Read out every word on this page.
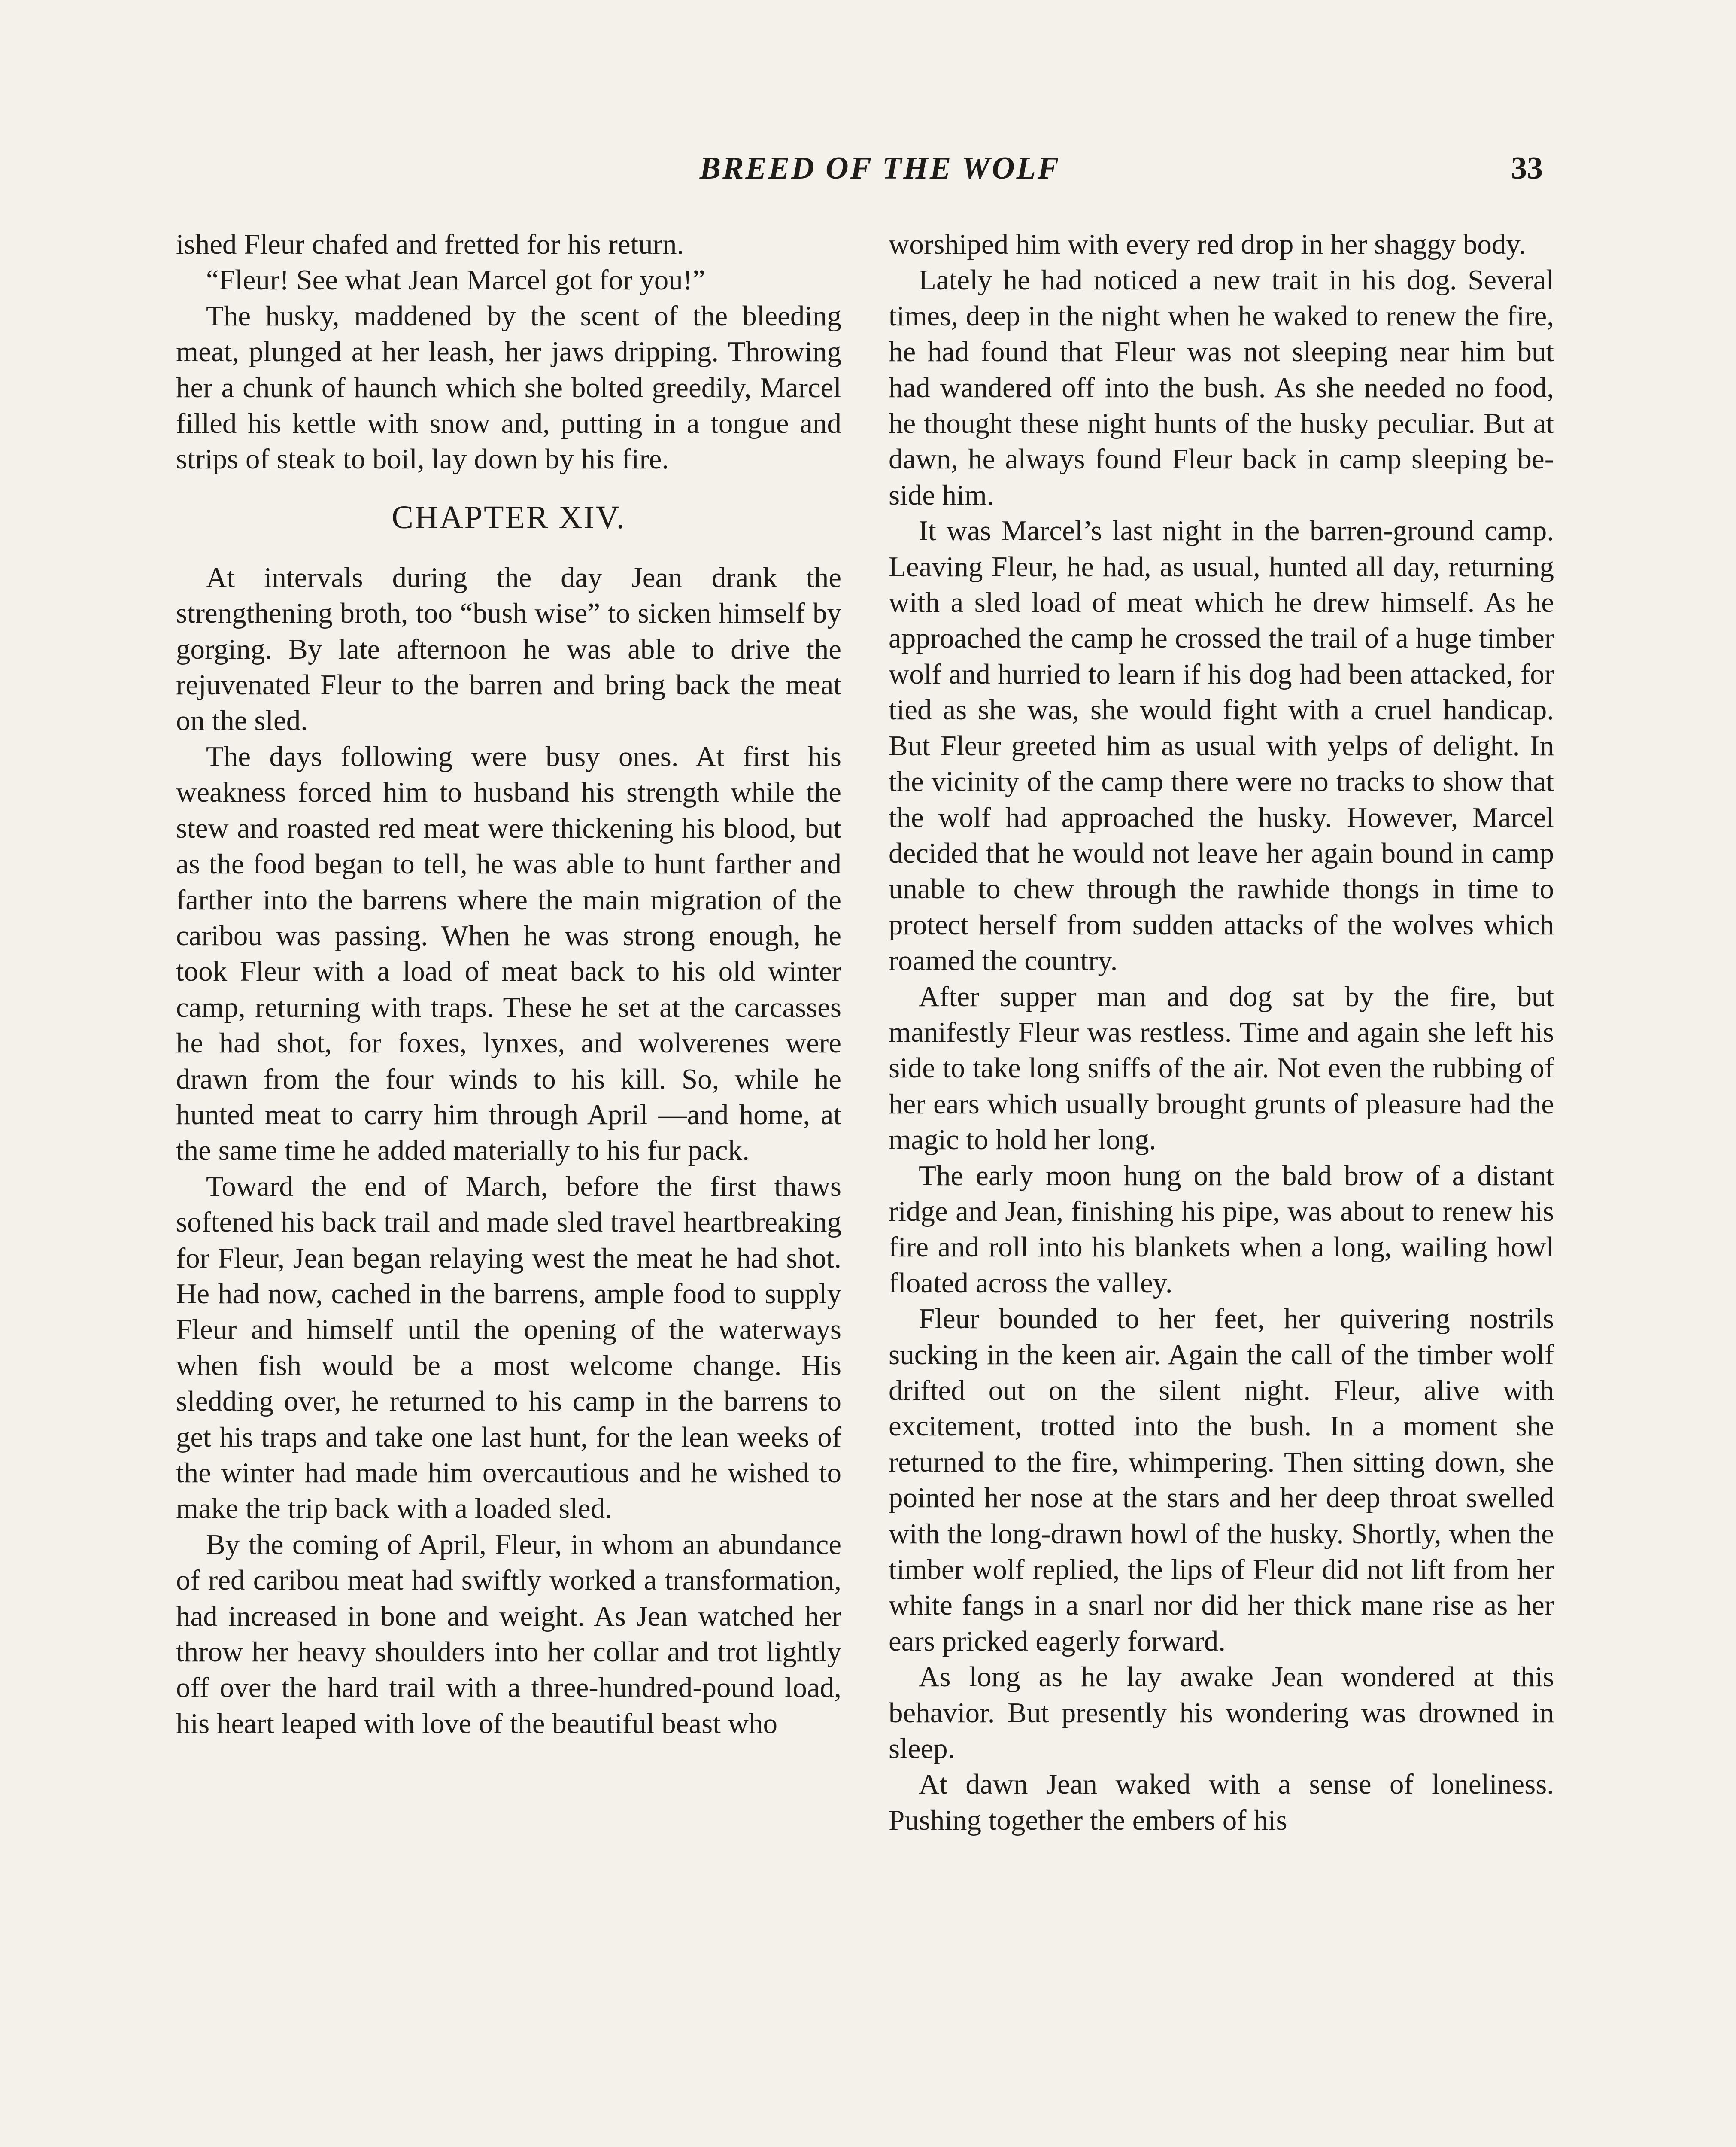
BREED OF THE WOLF	33

ished Fleur chafed and fretted for his return.

“Fleur! See what Jean Marcel got for you!”

The husky, maddened by the scent of the bleeding meat, plunged at her leash, her jaws dripping. Throwing her a chunk of haunch which she bolted greedily, Marcel filled his kettle with snow and, putting in a tongue and strips of steak to boil, lay down by his fire.

CHAPTER XIV.

At intervals during the day Jean drank the strengthening broth, too “bush wise” to sicken himself by gorging. By late afternoon he was able to drive the rejuvenated Fleur to the barren and bring back the meat on the sled.

The days following were busy ones. At first his weakness forced him to husband his strength while the stew and roasted red meat were thickening his blood, but as the food began to tell, he was able to hunt farther and farther into the barrens where the main migration of the caribou was passing. When he was strong enough, he took Fleur with a load of meat back to his old winter camp, returning with traps. These he set at the carcasses he had shot, for foxes, lynxes, and wolverenes were drawn from the four winds to his kill. So, while he hunted meat to carry him through April —and home, at the same time he added materially to his fur pack.

Toward the end of March, before the first thaws softened his back trail and made sled travel heartbreaking for Fleur, Jean began relaying west the meat he had shot. He had now, cached in the barrens, ample food to supply Fleur and himself until the opening of the waterways when fish would be a most welcome change. His sledding over, he returned to his camp in the barrens to get his traps and take one last hunt, for the lean weeks of the winter had made him overcautious and he wished to make the trip back with a loaded sled.

By the coming of April, Fleur, in whom an abundance of red caribou meat had swiftly worked a transformation, had increased in bone and weight. As Jean watched her throw her heavy shoulders into her collar and trot lightly off over the hard trail with a three-hundred-pound load, his heart leaped with love of the beautiful beast who

worshiped him with every red drop in her shaggy body.

Lately he had noticed a new trait in his dog. Several times, deep in the night when he waked to renew the fire, he had found that Fleur was not sleeping near him but had wandered off into the bush. As she needed no food, he thought these night hunts of the husky peculiar. But at dawn, he always found Fleur back in camp sleeping beside him.

It was Marcel’s last night in the barren-ground camp. Leaving Fleur, he had, as usual, hunted all day, returning with a sled load of meat which he drew himself. As he approached the camp he crossed the trail of a huge timber wolf and hurried to learn if his dog had been attacked, for tied as she was, she would fight with a cruel handicap. But Fleur greeted him as usual with yelps of delight. In the vicinity of the camp there were no tracks to show that the wolf had approached the husky. However, Marcel decided that he would not leave her again bound in camp unable to chew through the rawhide thongs in time to protect herself from sudden attacks of the wolves which roamed the country.

After supper man and dog sat by the fire, but manifestly Fleur was restless. Time and again she left his side to take long sniffs of the air. Not even the rubbing of her ears which usually brought grunts of pleasure had the magic to hold her long.

The early moon hung on the bald brow of a distant ridge and Jean, finishing his pipe, was about to renew his fire and roll into his blankets when a long, wailing howl floated across the valley.

Fleur bounded to her feet, her quivering nostrils sucking in the keen air. Again the call of the timber wolf drifted out on the silent night. Fleur, alive with excitement, trotted into the bush. In a moment she returned to the fire, whimpering. Then sitting down, she pointed her nose at the stars and her deep throat swelled with the long-drawn howl of the husky. Shortly, when the timber wolf replied, the lips of Fleur did not lift from her white fangs in a snarl nor did her thick mane rise as her ears pricked eagerly forward.

As long as he lay awake Jean wondered at this behavior. But presently his wondering was drowned in sleep.

At dawn Jean waked with a sense of loneliness. Pushing together the embers of his
